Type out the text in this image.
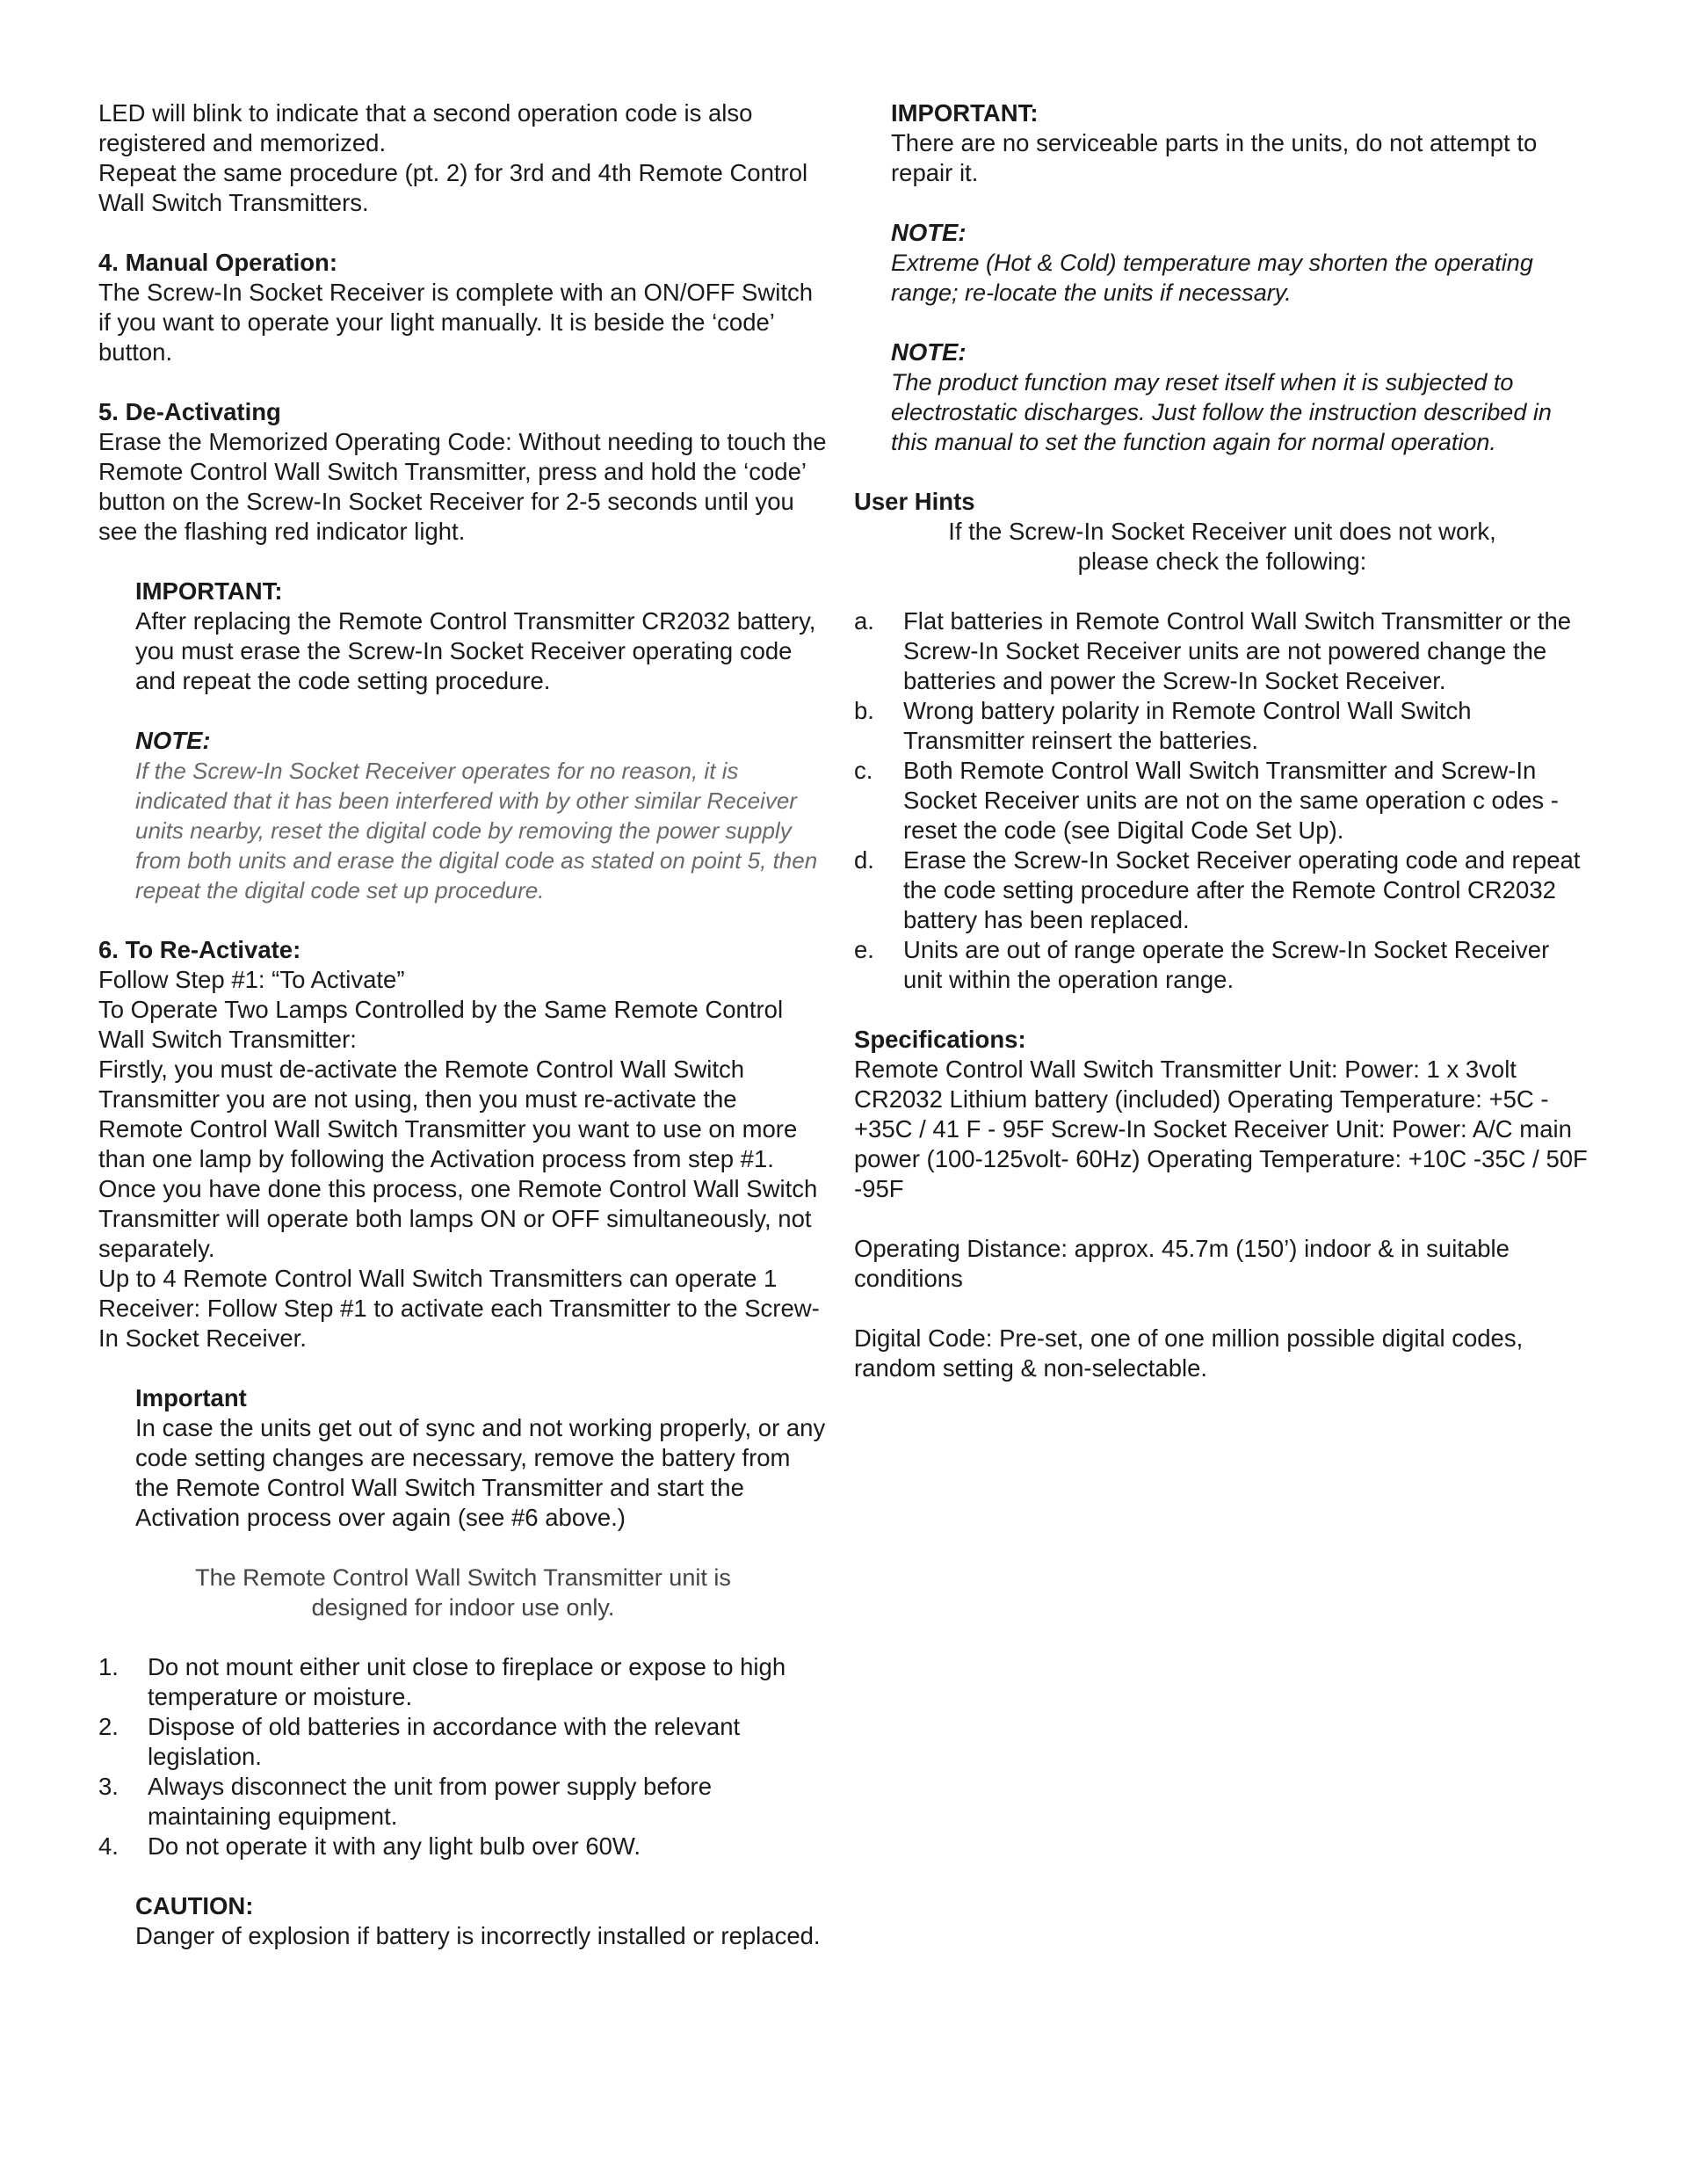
LED will blink to indicate that a second operation code is also registered and memorized.

Repeat the same procedure (pt. 2) for 3rd and 4th Remote Control Wall Switch Transmitters.

4. Manual Operation:

The Screw-In Socket Receiver is complete with an ON/OFF Switch if you want to operate your light manually. It is beside the ‘code’ button.

5. De-Activating

Erase the Memorized Operating Code: Without needing to touch the Remote Control Wall Switch Transmitter, press and hold the ‘code’ button on the Screw-In Socket Receiver for 2-5 seconds until you see the flashing red indicator light.

IMPORTANT:

After replacing the Remote Control Transmitter CR2032 battery, you must erase the Screw-In Socket Receiver operating code and repeat the code setting procedure.

NOTE:

If the Screw-In Socket Receiver operates for no reason, it is indicated that it has been interfered with by other similar Receiver units nearby, reset the digital code by removing the power supply from both units and erase the digital code as stated on point 5, then repeat the digital code set up procedure.

6. To Re-Activate:

Follow Step #1: “To Activate”

To Operate Two Lamps Controlled by the Same Remote Control Wall Switch Transmitter:

Firstly, you must de-activate the Remote Control Wall Switch Transmitter you are not using, then you must re-activate the Remote Control Wall Switch Transmitter you want to use on more than one lamp by following the Activation process from step #1. Once you have done this process, one Remote Control Wall Switch Transmitter will operate both lamps ON or OFF simultaneously, not separately.

Up to 4 Remote Control Wall Switch Transmitters can operate 1 Receiver: Follow Step #1 to activate each Transmitter to the Screw-In Socket Receiver.

Important

In case the units get out of sync and not working properly, or any code setting changes are necessary, remove the battery from the Remote Control Wall Switch Transmitter and start the Activation process over again (see #6 above.)

The Remote Control Wall Switch Transmitter unit is

designed for indoor use only.

1.	Do not mount either unit close to fireplace or expose to high temperature or moisture.
2.	Dispose of old batteries in accordance with the relevant legislation.
3.	Always disconnect the unit from power supply before maintaining equipment.
4.	Do not operate it with any light bulb over 60W.

CAUTION:

Danger of explosion if battery is incorrectly installed or replaced.

IMPORTANT:

There are no serviceable parts in the units, do not attempt to repair it.

NOTE:

Extreme (Hot & Cold) temperature may shorten the operating range; re-locate the units if necessary.

NOTE:

The product function may reset itself when it is subjected to electrostatic discharges. Just follow the instruction described in this manual to set the function again for normal operation.

User Hints

If the Screw-In Socket Receiver unit does not work,

please check the following:

a.	Flat batteries in Remote Control Wall Switch Transmitter or the Screw-In Socket Receiver units are not powered change the batteries and power the Screw-In Socket Receiver.
b.	Wrong battery polarity in Remote Control Wall Switch Transmitter reinsert the batteries.
c.	Both Remote Control Wall Switch Transmitter and Screw-In Socket Receiver units are not on the same operation c odes - reset the code (see Digital Code Set Up).
d.	Erase the Screw-In Socket Receiver operating code and repeat the code setting procedure after the Remote Control CR2032 battery has been replaced.
e.	Units are out of range operate the Screw-In Socket Receiver unit within the operation range.

Specifications:

Remote Control Wall Switch Transmitter Unit: Power: 1 x 3volt CR2032 Lithium battery (included) Operating Temperature: +5C - +35C / 41 F - 95F Screw-In Socket Receiver Unit: Power: A/C main power (100-125volt- 60Hz) Operating Temperature: +10C -35C / 50F -95F

Operating Distance: approx. 45.7m (150’) indoor & in suitable conditions

Digital Code: Pre-set, one of one million possible digital codes, random setting & non-selectable.
